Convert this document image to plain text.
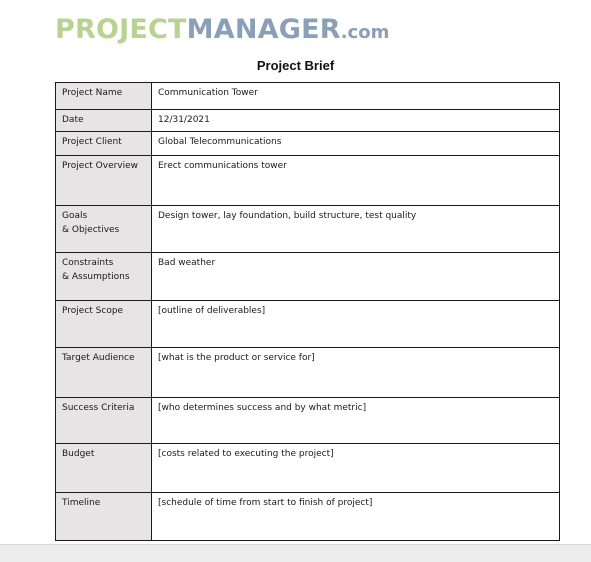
PROJECT MANAGER .com
Project Brief
Project Name	Communication Tower

Date	12/31/2021

Project Client	Global Telecommunications

Project Overview	Erect communications tower

Goals
& Objectives	Design tower, lay foundation, build structure, test quality

Constraints
& Assumptions	Bad weather

Project Scope	[outline of deliverables]

Target Audience	[what is the product or service for]

Success Criteria	[who determines success and by what metric]

Budget	[costs related to executing the project]

Timeline	[schedule of time from start to finish of project]
